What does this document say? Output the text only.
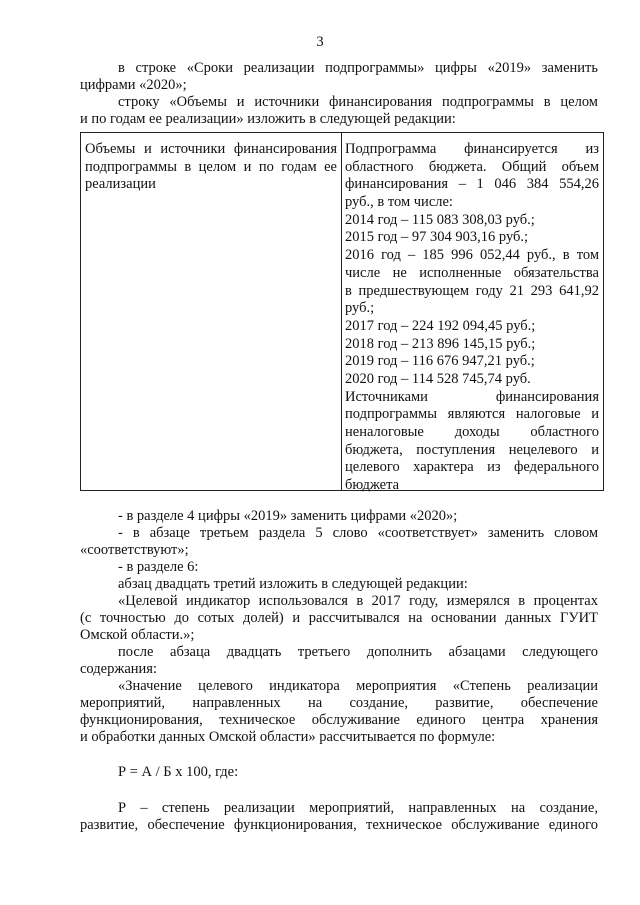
3
в строке «Сроки реализации подпрограммы» цифры «2019» заменить
цифрами «2020»;
строку «Объемы и источники финансирования подпрограммы в целом
и по годам ее реализации» изложить в следующей редакции:
Объемы и источники финансирования
подпрограммы в целом и по годам ее
реализации
Подпрограмма финансируется из
областного бюджета. Общий объем
финансирования – 1 046 384 554,26
руб., в том числе:
2014 год – 115 083 308,03 руб.;
2015 год – 97 304 903,16 руб.;
2016 год – 185 996 052,44 руб., в том
числе не исполненные обязательства
в предшествующем году 21 293 641,92
руб.;
2017 год – 224 192 094,45 руб.;
2018 год – 213 896 145,15 руб.;
2019 год – 116 676 947,21 руб.;
2020 год – 114 528 745,74 руб.
Источниками финансирования
подпрограммы являются налоговые и
неналоговые доходы областного
бюджета, поступления нецелевого и
целевого характера из федерального
бюджета
- в разделе 4 цифры «2019» заменить цифрами «2020»;
- в абзаце третьем раздела 5 слово «соответствует» заменить словом
«соответствуют»;
- в разделе 6:
абзац двадцать третий изложить в следующей редакции:
«Целевой индикатор использовался в 2017 году, измерялся в процентах
(с точностью до сотых долей) и рассчитывался на основании данных ГУИТ
Омской области.»;
после абзаца двадцать третьего дополнить абзацами следующего
содержания:
«Значение целевого индикатора мероприятия «Степень реализации
мероприятий, направленных на создание, развитие, обеспечение
функционирования, техническое обслуживание единого центра хранения
и обработки данных Омской области» рассчитывается по формуле:
Р = А / Б х 100, где:
Р – степень реализации мероприятий, направленных на создание,
развитие, обеспечение функционирования, техническое обслуживание единого
